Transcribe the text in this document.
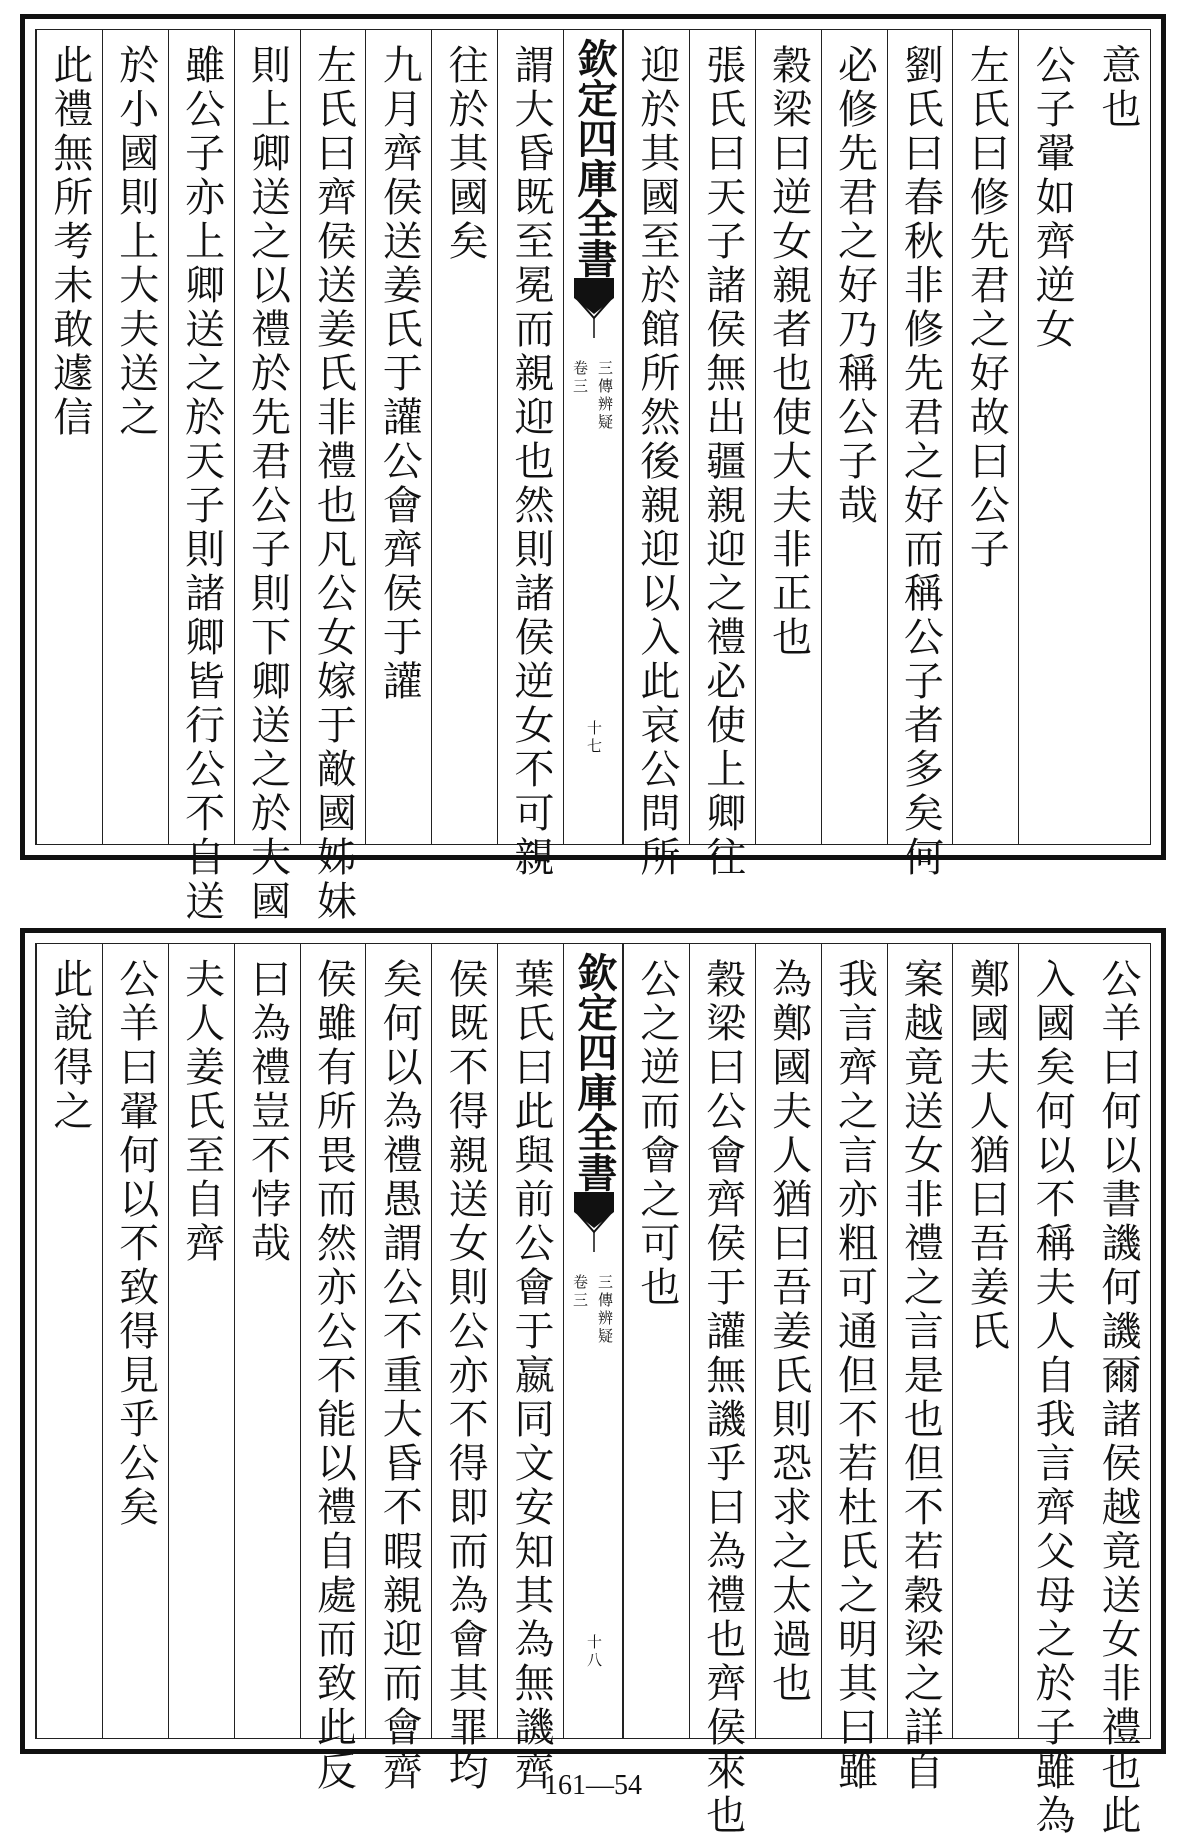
意也
公子翬如齊逆女
左氏曰修先君之好故曰公子
劉氏曰春秋非修先君之好而稱公子者多矣何
必修先君之好乃稱公子哉
穀梁曰逆女親者也使大夫非正也
張氏曰天子諸侯無出疆親迎之禮必使上卿往
迎於其國至於館所然後親迎以入此哀公問所
謂大昏既至冕而親迎也然則諸侯逆女不可親
往於其國矣
九月齊侯送姜氏于讙公會齊侯于讙
左氏曰齊侯送姜氏非禮也凡公女嫁于敵國姊妹
則上卿送之以禮於先君公子則下卿送之於大國
雖公子亦上卿送之於天子則諸卿皆行公不自送
於小國則上大夫送之
此禮無所考未敢遽信	欽定四庫全書
三傳辨疑
卷三
十七
公羊曰何以書譏何譏爾諸侯越竟送女非禮也此
入國矣何以不稱夫人自我言齊父母之於子雖為
鄭國夫人猶曰吾姜氏
案越竟送女非禮之言是也但不若穀梁之詳自
我言齊之言亦粗可通但不若杜氏之明其曰雖
為鄭國夫人猶曰吾姜氏則恐求之太過也
穀梁曰公會齊侯于讙無譏乎曰為禮也齊侯來也
公之逆而會之可也
葉氏曰此與前公會于嬴同文安知其為無譏齊
侯既不得親送女則公亦不得即而為會其罪均
矣何以為禮愚謂公不重大昏不暇親迎而會齊
侯雖有所畏而然亦公不能以禮自處而致此反
曰為禮豈不悖哉
夫人姜氏至自齊
公羊曰翬何以不致得見乎公矣
此說得之	欽定四庫全書
三傳辨疑
卷三
十八
161—54
